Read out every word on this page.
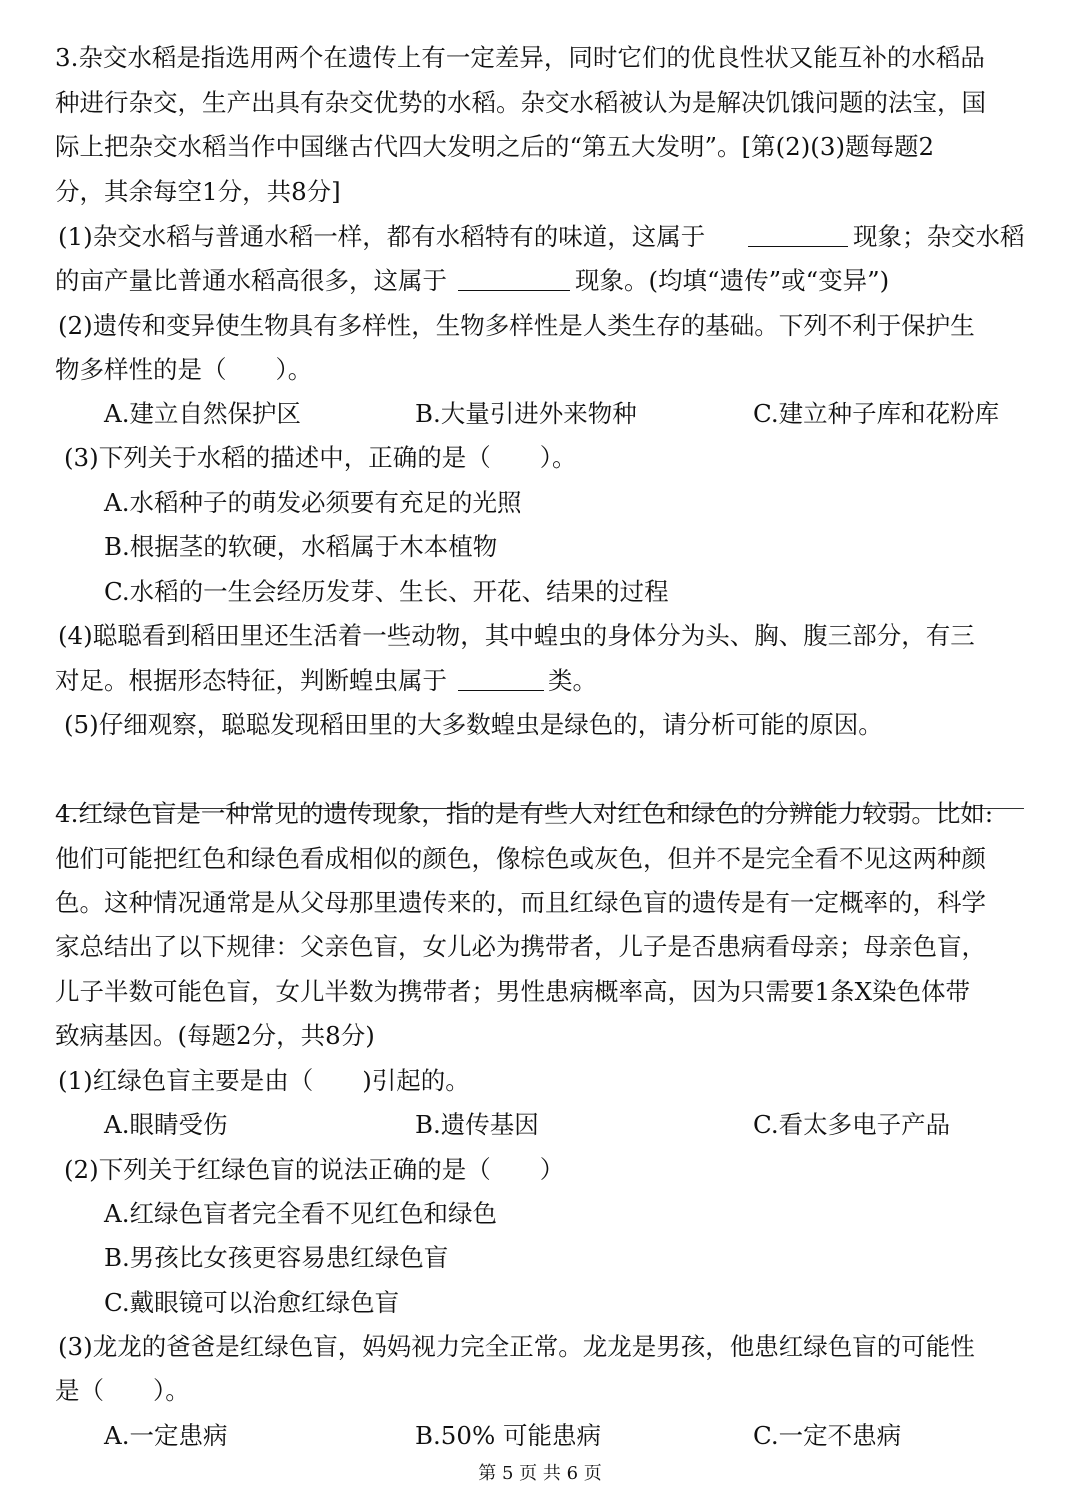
3.杂交水稻是指选用两个在遗传上有一定差异，同时它们的优良性状又能互补的水稻品
种进行杂交，生产出具有杂交优势的水稻。杂交水稻被认为是解决饥饿问题的法宝，国
际上把杂交水稻当作中国继古代四大发明之后的“第五大发明”。[第(2)(3)题每题2
分，其余每空1分，共8分]
(1)杂交水稻与普通水稻一样，都有水稻特有的味道，这属于	现象；杂交水稻
的亩产量比普通水稻高很多，这属于	现象。(均填“遗传”或“变异”)
(2)遗传和变异使生物具有多样性，生物多样性是人类生存的基础。下列不利于保护生
物多样性的是（　　）。
A.建立自然保护区	B.大量引进外来物种	C.建立种子库和花粉库
(3)下列关于水稻的描述中，正确的是（　　）。
A.水稻种子的萌发必须要有充足的光照
B.根据茎的软硬，水稻属于木本植物
C.水稻的一生会经历发芽、生长、开花、结果的过程
(4)聪聪看到稻田里还生活着一些动物，其中蝗虫的身体分为头、胸、腹三部分，有三
对足。根据形态特征，判断蝗虫属于	类。
(5)仔细观察，聪聪发现稻田里的大多数蝗虫是绿色的，请分析可能的原因。
4.红绿色盲是一种常见的遗传现象，指的是有些人对红色和绿色的分辨能力较弱。比如:
他们可能把红色和绿色看成相似的颜色，像棕色或灰色，但并不是完全看不见这两种颜
色。这种情况通常是从父母那里遗传来的，而且红绿色盲的遗传是有一定概率的，科学
家总结出了以下规律：父亲色盲，女儿必为携带者，儿子是否患病看母亲；母亲色盲，
儿子半数可能色盲，女儿半数为携带者；男性患病概率高，因为只需要1条X染色体带
致病基因。(每题2分，共8分)
(1)红绿色盲主要是由（　　)引起的。
A.眼睛受伤	B.遗传基因	C.看太多电子产品
(2)下列关于红绿色盲的说法正确的是（　　）
A.红绿色盲者完全看不见红色和绿色
B.男孩比女孩更容易患红绿色盲
C.戴眼镜可以治愈红绿色盲
(3)龙龙的爸爸是红绿色盲，妈妈视力完全正常。龙龙是男孩，他患红绿色盲的可能性
是（　　）。
A.一定患病	B.50% 可能患病	C.一定不患病
第 5 页 共 6 页
